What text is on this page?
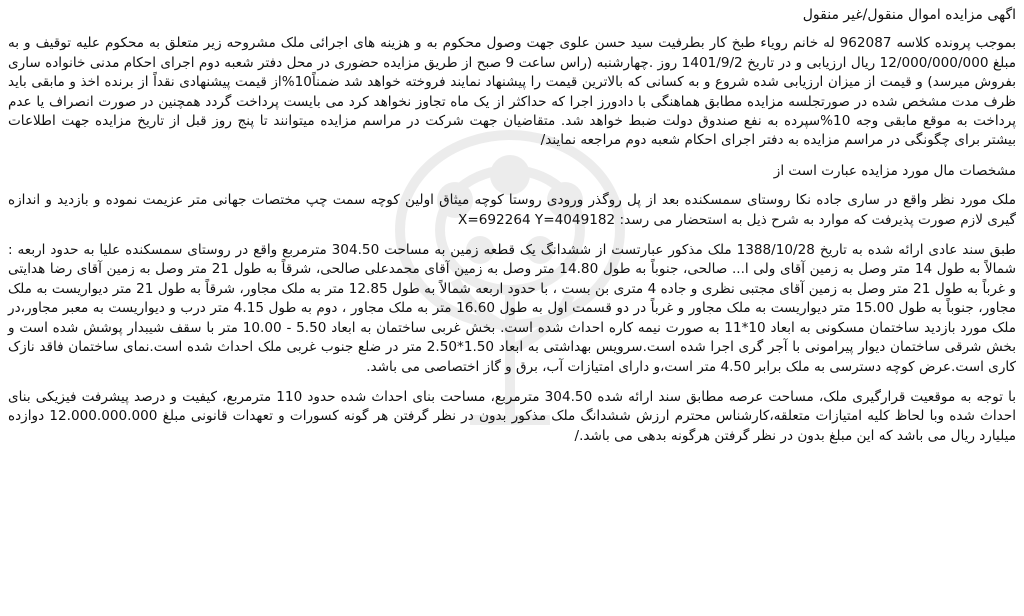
اگهی مزایده اموال منقول/غیر منقول

بموجب پرونده کلاسه 962087 له خانم رویاء طبخ کار بطرفیت سید حسن علوی جهت وصول محکوم به و هزینه های اجرائی ملک مشروحه زیر متعلق به محکوم علیه توقیف و به مبلغ 12/000/000/000 ریال ارزیابی و در تاریخ 1401/9/2 روز .چهارشنبه (راس ساعت 9 صبح از طریق مزایده حضوری در محل دفتر شعبه دوم اجرای احکام مدنی خانواده ساری بفروش میرسد) و قیمت از میزان ارزیابی شده شروع و به کسانی که بالاترین قیمت را پیشنهاد نمایند فروخته خواهد شد ضمناً10%از قیمت پیشنهادی نقداً از برنده اخذ و مابقی باید ظرف مدت مشخص شده در صورتجلسه مزایده مطابق هماهنگی با دادورز اجرا که حداکثر از یک ماه تجاوز نخواهد کرد می بایست پرداخت گردد همچنین در صورت انصراف یا عدم پرداخت به موقع مابقی وجه 10%سپرده به نفع صندوق دولت ضبط خواهد شد. متقاضیان جهت شرکت در مراسم مزایده میتوانند تا پنج روز قبل از تاریخ مزایده جهت اطلاعات بیشتر برای چگونگی در مراسم مزایده به دفتر اجرای احکام شعبه دوم مراجعه نمایند/

مشخصات مال مورد مزایده عبارت است از

ملک مورد نظر واقع در ساری جاده نکا روستای سمسکنده بعد از پل روگذر ورودی روستا کوچه میثاق اولین کوچه سمت چپ مختصات جهانی متر عزیمت نموده و بازدید و اندازه گیری لازم صورت پذیرفت که موارد به شرح ذیل به استحضار می رسد: X=692264 Y=4049182

طبق سند عادی ارائه شده به تاریخ 1388/10/28 ملک مذکور عبارتست از ششدانگ یک قطعه زمین به مساحت 304.50 مترمربع واقع در روستای سمسکنده علیا به حدود اربعه : شمالاً به طول 14 متر وصل به زمین آقای ولی ا... صالحی، جنوباً به طول 14.80 متر وصل به زمین آقای محمدعلی صالحی، شرقاً به طول 21 متر وصل به زمین آقای رضا هدایتی و غرباً به طول 21 متر وصل به زمین آقای مجتبی نظری و جاده 4 متری بن بست ، با حدود اربعه شمالاً به طول 12.85 متر به ملک مجاور، شرقاً به طول 21 متر دیواریست به ملک مجاور، جنوباً به طول 15.00 متر دیواریست به ملک مجاور و غرباً در دو قسمت اول به طول 16.60 متر به ملک مجاور ، دوم به طول 4.15 متر درب و دیواریست به معبر مجاور،در ملک مورد بازدید ساختمان مسکونی به ابعاد 10*11 به صورت نیمه کاره احداث شده است. بخش غربی ساختمان به ابعاد 5.50 - 10.00 متر با سقف شیبدار پوشش شده است و بخش شرقی ساختمان دیوار پیرامونی با آجر گری اجرا شده است.سرویس بهداشتی به ابعاد 1.50*2.50 متر در ضلع جنوب غربی ملک احداث شده است.نمای ساختمان فاقد نازک کاری است.عرض کوچه دسترسی به ملک برابر 4.50 متر است،و دارای امتیازات آب، برق و گاز اختصاصی می باشد.

با توجه به موقعیت قرارگیری ملک، مساحت عرصه مطابق سند ارائه شده 304.50 مترمربع، مساحت بنای احداث شده حدود 110 مترمربع، کیفیت و درصد پیشرفت فیزیکی بنای احداث شده وبا لحاظ کلیه امتیازات متعلقه،کارشناس محترم ارزش ششدانگ ملک مذکور بدون در نظر گرفتن هر گونه کسورات و تعهدات قانونی مبلغ 12.000.000.000 دوازده میلیارد ریال می باشد که این مبلغ بدون در نظر گرفتن هرگونه بدهی می باشد./
